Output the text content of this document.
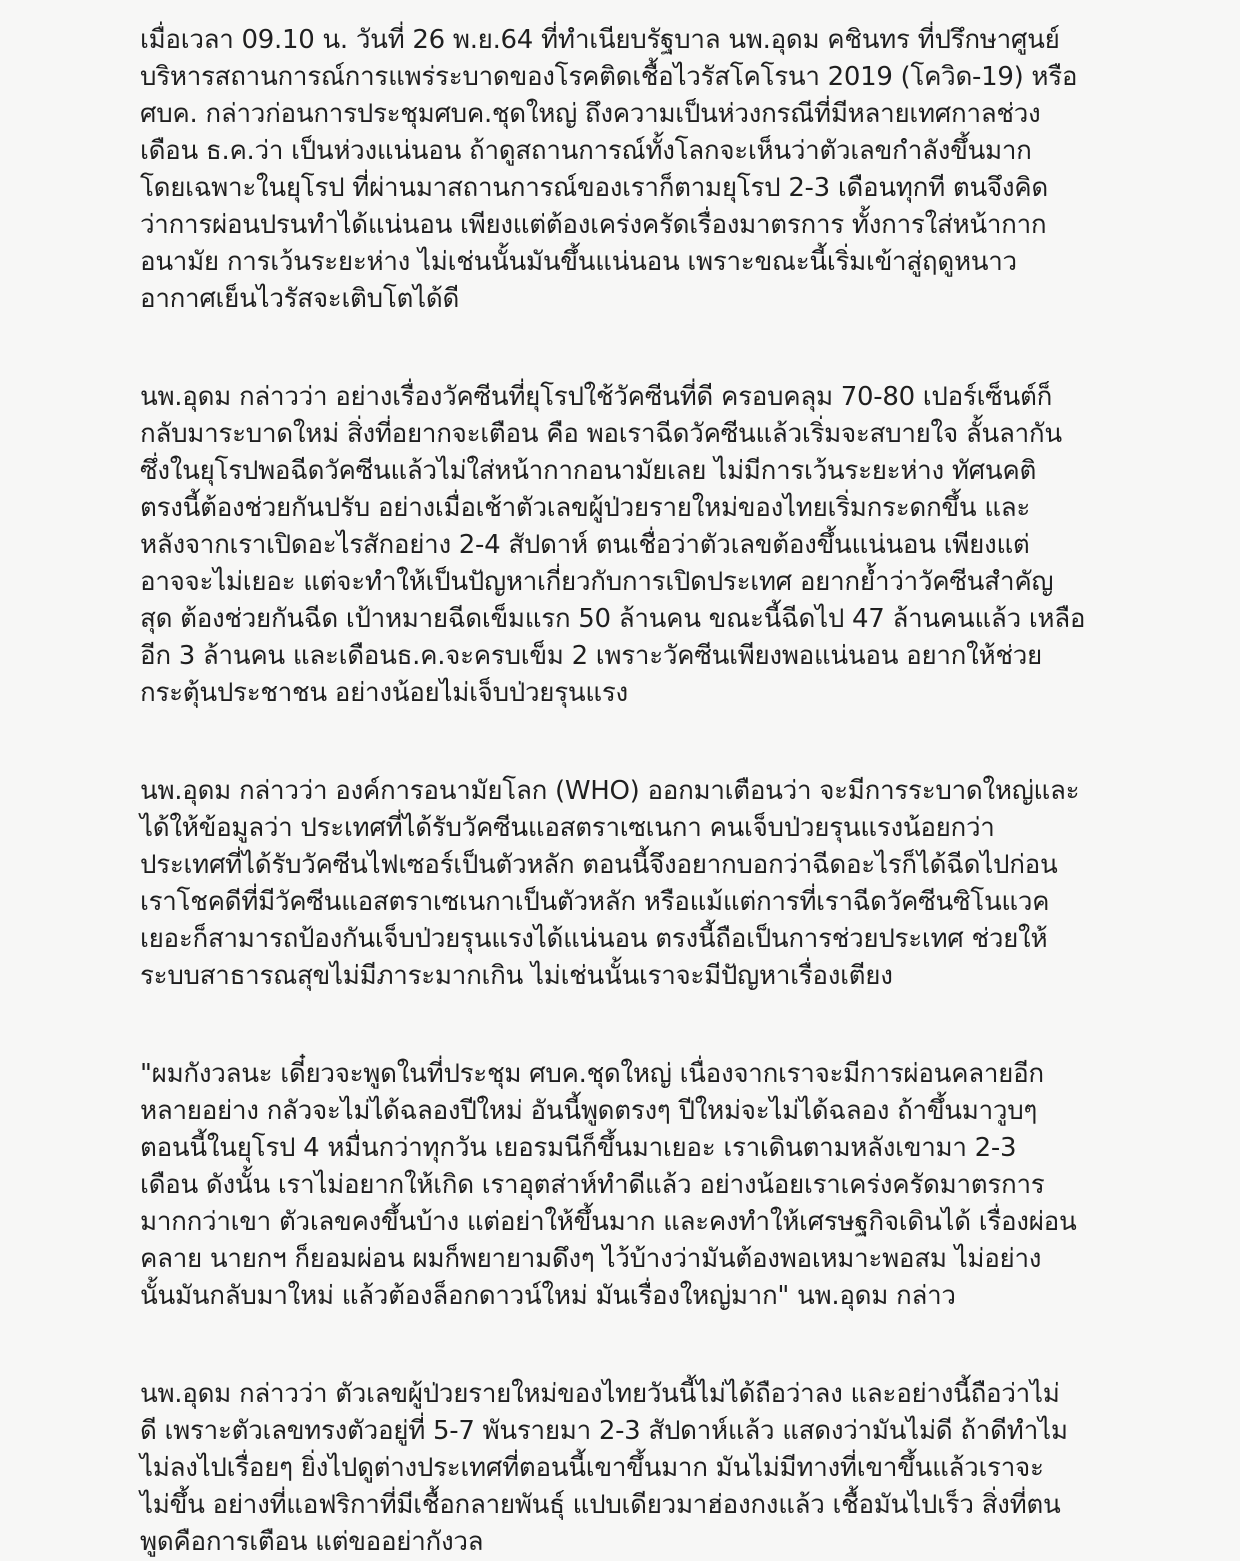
เมื่อเวลา 09.10 น. วันที่ 26 พ.ย.64 ที่ทำเนียบรัฐบาล นพ.อุดม คชินทร ที่ปรึกษาศูนย์
บริหารสถานการณ์การแพร่ระบาดของโรคติดเชื้อไวรัสโคโรนา 2019 (โควิด-19) หรือ
ศบค. กล่าวก่อนการประชุมศบค.ชุดใหญ่ ถึงความเป็นห่วงกรณีที่มีหลายเทศกาลช่วง
เดือน ธ.ค.ว่า เป็นห่วงแน่นอน ถ้าดูสถานการณ์ทั้งโลกจะเห็นว่าตัวเลขกำลังขึ้นมาก
โดยเฉพาะในยุโรป ที่ผ่านมาสถานการณ์ของเราก็ตามยุโรป 2-3 เดือนทุกที ตนจึงคิด
ว่าการผ่อนปรนทำได้แน่นอน เพียงแต่ต้องเคร่งครัดเรื่องมาตรการ ทั้งการใส่หน้ากาก
อนามัย การเว้นระยะห่าง ไม่เช่นนั้นมันขึ้นแน่นอน เพราะขณะนี้เริ่มเข้าสู่ฤดูหนาว
อากาศเย็นไวรัสจะเติบโตได้ดี
นพ.อุดม กล่าวว่า อย่างเรื่องวัคซีนที่ยุโรปใช้วัคซีนที่ดี ครอบคลุม 70-80 เปอร์เซ็นต์ก็
กลับมาระบาดใหม่ สิ่งที่อยากจะเตือน คือ พอเราฉีดวัคซีนแล้วเริ่มจะสบายใจ ลั้นลากัน
ซึ่งในยุโรปพอฉีดวัคซีนแล้วไม่ใส่หน้ากากอนามัยเลย ไม่มีการเว้นระยะห่าง ทัศนคติ
ตรงนี้ต้องช่วยกันปรับ อย่างเมื่อเช้าตัวเลขผู้ป่วยรายใหม่ของไทยเริ่มกระดกขึ้น และ
หลังจากเราเปิดอะไรสักอย่าง 2-4 สัปดาห์ ตนเชื่อว่าตัวเลขต้องขึ้นแน่นอน เพียงแต่
อาจจะไม่เยอะ แต่จะทำให้เป็นปัญหาเกี่ยวกับการเปิดประเทศ อยากย้ำว่าวัคซีนสำคัญ
สุด ต้องช่วยกันฉีด เป้าหมายฉีดเข็มแรก 50 ล้านคน ขณะนี้ฉีดไป 47 ล้านคนแล้ว เหลือ
อีก 3 ล้านคน และเดือนธ.ค.จะครบเข็ม 2 เพราะวัคซีนเพียงพอแน่นอน อยากให้ช่วย
กระตุ้นประชาชน อย่างน้อยไม่เจ็บป่วยรุนแรง
นพ.อุดม กล่าวว่า องค์การอนามัยโลก (WHO) ออกมาเตือนว่า จะมีการระบาดใหญ่และ
ได้ให้ข้อมูลว่า ประเทศที่ได้รับวัคซีนแอสตราเซเนกา คนเจ็บป่วยรุนแรงน้อยกว่า
ประเทศที่ได้รับวัคซีนไฟเซอร์เป็นตัวหลัก ตอนนี้จึงอยากบอกว่าฉีดอะไรก็ได้ฉีดไปก่อน
เราโชคดีที่มีวัคซีนแอสตราเซเนกาเป็นตัวหลัก หรือแม้แต่การที่เราฉีดวัคซีนซิโนแวค
เยอะก็สามารถป้องกันเจ็บป่วยรุนแรงได้แน่นอน ตรงนี้ถือเป็นการช่วยประเทศ ช่วยให้
ระบบสาธารณสุขไม่มีภาระมากเกิน ไม่เช่นนั้นเราจะมีปัญหาเรื่องเตียง
"ผมกังวลนะ เดี๋ยวจะพูดในที่ประชุม ศบค.ชุดใหญ่ เนื่องจากเราจะมีการผ่อนคลายอีก
หลายอย่าง กลัวจะไม่ได้ฉลองปีใหม่ อันนี้พูดตรงๆ ปีใหม่จะไม่ได้ฉลอง ถ้าขึ้นมาวูบๆ
ตอนนี้ในยุโรป 4 หมื่นกว่าทุกวัน เยอรมนีก็ขึ้นมาเยอะ เราเดินตามหลังเขามา 2-3
เดือน ดังนั้น เราไม่อยากให้เกิด เราอุตส่าห์ทำดีแล้ว อย่างน้อยเราเคร่งครัดมาตรการ
มากกว่าเขา ตัวเลขคงขึ้นบ้าง แต่อย่าให้ขึ้นมาก และคงทำให้เศรษฐกิจเดินได้ เรื่องผ่อน
คลาย นายกฯ ก็ยอมผ่อน ผมก็พยายามดึงๆ ไว้บ้างว่ามันต้องพอเหมาะพอสม ไม่อย่าง
นั้นมันกลับมาใหม่ แล้วต้องล็อกดาวน์ใหม่ มันเรื่องใหญ่มาก" นพ.อุดม กล่าว
นพ.อุดม กล่าวว่า ตัวเลขผู้ป่วยรายใหม่ของไทยวันนี้ไม่ได้ถือว่าลง และอย่างนี้ถือว่าไม่
ดี เพราะตัวเลขทรงตัวอยู่ที่ 5-7 พันรายมา 2-3 สัปดาห์แล้ว แสดงว่ามันไม่ดี ถ้าดีทำไม
ไม่ลงไปเรื่อยๆ ยิ่งไปดูต่างประเทศที่ตอนนี้เขาขึ้นมาก มันไม่มีทางที่เขาขึ้นแล้วเราจะ
ไม่ขึ้น อย่างที่แอฟริกาที่มีเชื้อกลายพันธุ์ แปบเดียวมาฮ่องกงแล้ว เชื้อมันไปเร็ว สิ่งที่ตน
พูดคือการเตือน แต่ขออย่ากังวล
